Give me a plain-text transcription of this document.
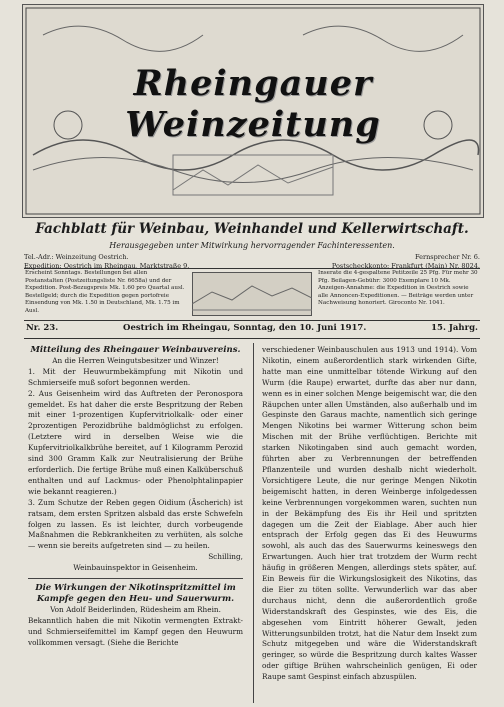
Rheingauer Weinzeitung
Fachblatt für Weinbau, Weinhandel und Kellerwirtschaft.
Herausgegeben unter Mitwirkung hervorragender Fachinteressenten.
Tel.-Adr.: Weinzeitung Oestrich.	Fernsprecher Nr. 6.
Expedition: Oestrich im Rheingau, Marktstraße 9.	Postscheckkonto: Frankfurt (Main) Nr. 8024.
Erscheint Sonntags. Bestellungen bei allen Postanstalten (Postzeitungsliste Nr. 6658a) und der Expedition. Post-Bezugspreis Mk. 1.60 pro Quartal ausl. Bestellgeld; durch die Expedition gegen portofreie Einsendung von Mk. 1.50 in Deutschland, Mk. 1.75 im Ausl.
Inserate die 4-gespaltene Petitzeile 25 Pfg. Für mehr 30 Pfg. Beilagen-Gebühr: 3000 Exemplare 10 Mk. Anzeigen-Annahme: die Expedition in Oestrich sowie alle Annoncen-Expeditionen. — Beiträge werden unter Nachweisung honoriert. Giroconto Nr. 1041.
Nr. 23.	Oestrich im Rheingau, Sonntag, den 10. Juni 1917.	15. Jahrg.

Mitteilung des Rheingauer Weinbauvereins.

An die Herren Weingutsbesitzer und Winzer!

1. Mit der Heuwurmbekämpfung mit Nikotin und Schmierseife muß sofort begonnen werden.

2. Aus Geisenheim wird das Auftreten der Peronospora gemeldet. Es hat daher die erste Bespritzung der Reben mit einer 1-prozentigen Kupfervitriolkalk- oder einer 2prozentigen Perozidbrühe baldmöglichst zu erfolgen. (Letztere wird in derselben Weise wie die Kupfervitriolkalkbrühe bereitet, auf 1 Kilogramm Perozid sind 300 Gramm Kalk zur Neutralisierung der Brühe erforderlich. Die fertige Brühe muß einen Kalküberschuß enthalten und auf Lackmus- oder Phenolphtalinpapier wie bekannt reagieren.)

3. Zum Schutze der Reben gegen Oidium (Äscherich) ist ratsam, dem ersten Spritzen alsbald das erste Schwefeln folgen zu lassen. Es ist leichter, durch vorbeugende Maßnahmen die Rebkrankheiten zu verhüten, als solche — wenn sie bereits aufgetreten sind — zu heilen.

Schilling,

Weinbauinspektor in Geisenheim.

Die Wirkungen der Nikotinspritzmittel im Kampfe gegen den Heu- und Sauerwurm.

Von Adolf Beiderlinden, Rüdesheim am Rhein.

Bekanntlich haben die mit Nikotin vermengten Extrakt- und Schmierseifemittel im Kampf gegen den Heuwurm vollkommen versagt. (Siehe die Berichte

verschiedener Weinbauschulen aus 1913 und 1914). Vom Nikotin, einem außerordentlich stark wirkenden Gifte, hatte man eine unmittelbar tötende Wirkung auf den Wurm (die Raupe) erwartet, durfte das aber nur dann, wenn es in einer solchen Menge beigemischt war, die den Räupchen unter allen Umständen, also außerhalb und im Gespinste den Garaus machte, namentlich sich geringe Mengen Nikotins bei warmer Witterung schon beim Mischen mit der Brühe verflüchtigen. Berichte mit starken Nikotingaben sind auch gemacht worden, führten aber zu Verbrennungen der betreffenden Pflanzenteile und wurden deshalb nicht wiederholt. Vorsichtigere Leute, die nur geringe Mengen Nikotin beigemischt hatten, in deren Weinberge infolgedessen keine Verbrennungen vorgekommen waren, suchten nun in der Bekämpfung des Eis ihr Heil und spritzten dagegen um die Zeit der Eiablage. Aber auch hier entsprach der Erfolg gegen das Ei des Heuwurms sowohl, als auch das des Sauerwurms keineswegs den Erwartungen. Auch hier trat trotzdem der Wurm recht häufig in größeren Mengen, allerdings stets später, auf. Ein Beweis für die Wirkungslosigkeit des Nikotins, das die Eier zu töten sollte. Verwunderlich war das aber durchaus nicht, denn die außerordentlich große Widerstandskraft des Gespinstes, wie des Eis, die abgesehen vom Eintritt höherer Gewalt, jeden Witterungsunbilden trotzt, hat die Natur dem Insekt zum Schutz mitgegeben und wäre die Widerstandskraft geringer, so würde die Bespritzung durch kaltes Wasser oder giftige Brühen wahrscheinlich genügen, Ei oder Raupe samt Gespinst einfach abzuspülen.
